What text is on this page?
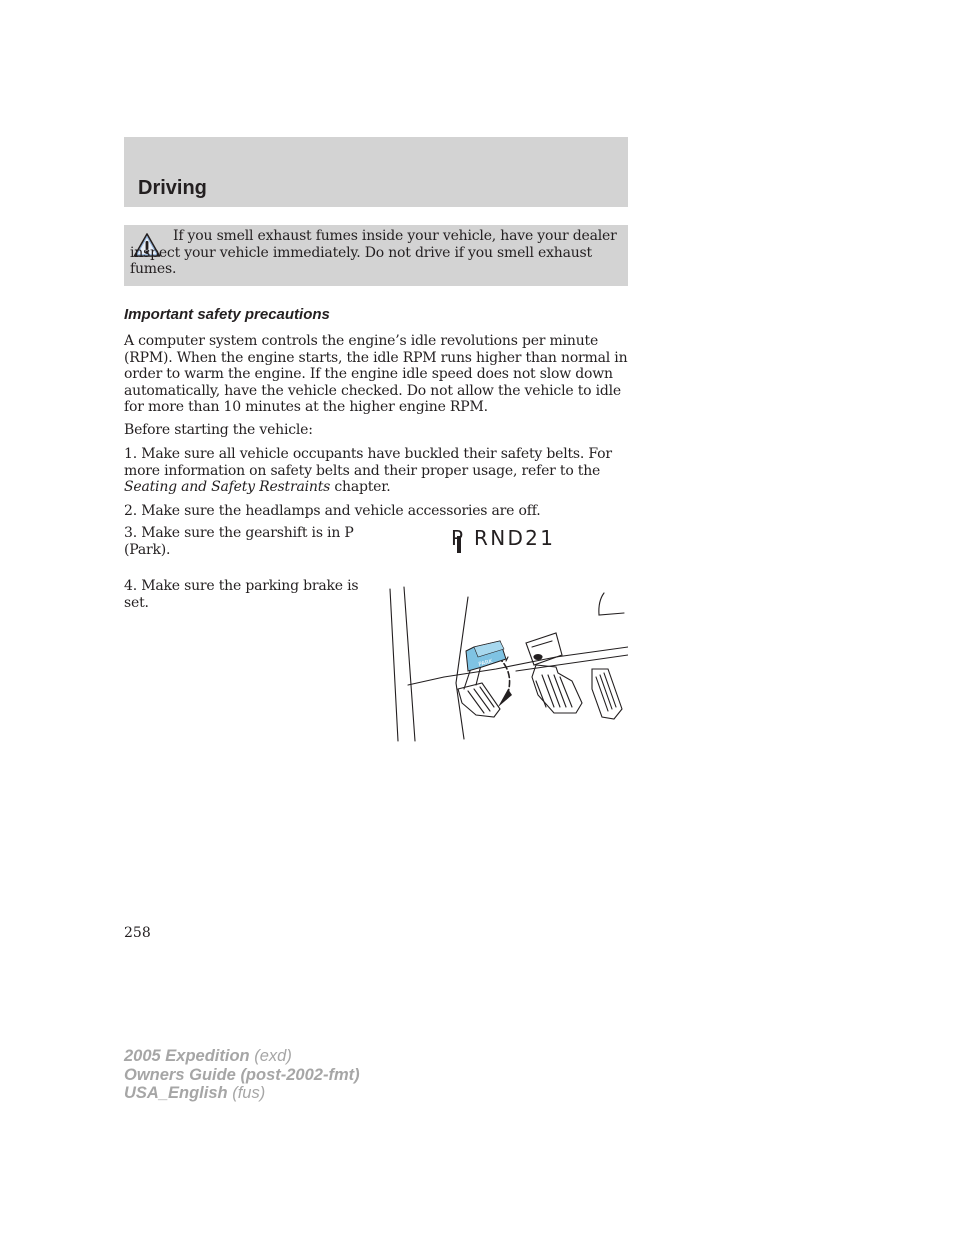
Driving

If you smell exhaust fumes inside your vehicle, have your dealer inspect your vehicle immediately. Do not drive if you smell exhaust fumes.

Important safety precautions

A computer system controls the engine’s idle revolutions per minute (RPM). When the engine starts, the idle RPM runs higher than normal in order to warm the engine. If the engine idle speed does not slow down automatically, have the vehicle checked. Do not allow the vehicle to idle for more than 10 minutes at the higher engine RPM.

Before starting the vehicle:

1. Make sure all vehicle occupants have buckled their safety belts. For more information on safety belts and their proper usage, refer to the Seating and Safety Restraints chapter.

2. Make sure the headlamps and vehicle accessories are off.

3. Make sure the gearshift is in P (Park).

4. Make sure the parking brake is set.

P RND21
PARK
258
2005 Expedition (exd)
Owners Guide (post-2002-fmt)
USA_English (fus)
